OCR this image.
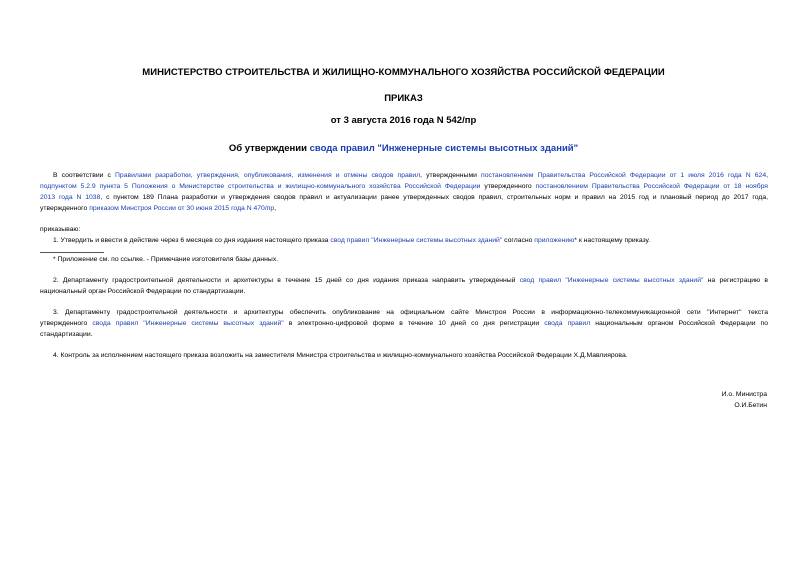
МИНИСТЕРСТВО СТРОИТЕЛЬСТВА И ЖИЛИЩНО-КОММУНАЛЬНОГО ХОЗЯЙСТВА РОССИЙСКОЙ ФЕДЕРАЦИИ
ПРИКАЗ
от 3 августа 2016 года N 542/пр
Об утверждении свода правил "Инженерные системы высотных зданий"
В соответствии с Правилами разработки, утверждения, опубликования, изменения и отмены сводов правил, утвержденными постановлением Правительства Российской Федерации от 1 июля 2016 года N 624,
подпунктом 5.2.9 пункта 5 Положения о Министерстве строительства и жилищно-коммунального хозяйства Российской Федерации утвержденного постановлением Правительства Российской Федерации от 18 ноября
2013 года N 1038, с пунктом 189 Плана разработки и утверждения сводов правил и актуализации ранее утвержденных сводов правил, строительных норм и правил на 2015 год и плановый период до 2017 года,
утвержденного приказом Минстроя России от 30 июня 2015 года N 470/пр,
приказываю:
1. Утвердить и ввести в действие через 6 месяцев со дня издания настоящего приказа свод правил "Инженерные системы высотных зданий" согласно приложению* к настоящему приказу.
* Приложение см. по ссылке. - Примечание изготовителя базы данных.
2. Департаменту градостроительной деятельности и архитектуры в течение 15 дней со дня издания приказа направить утвержденный свод правил "Инженерные системы высотных зданий" на регистрацию в
национальный орган Российской Федерации по стандартизации.
3. Департаменту градостроительной деятельности и архитектуры обеспечить опубликование на официальном сайте Минстроя России в информационно-телекоммуникационной сети "Интернет" текста
утвержденного свода правил "Инженерные системы высотных зданий" в электронно-цифровой форме в течение 10 дней со дня регистрации свода правил национальным органом Российской Федерации по
стандартизации.
4. Контроль за исполнением настоящего приказа возложить на заместителя Министра строительства и жилищно-коммунального хозяйства Российской Федерации Х.Д.Мавлиярова.
И.о. Министра
О.И.Бетин
